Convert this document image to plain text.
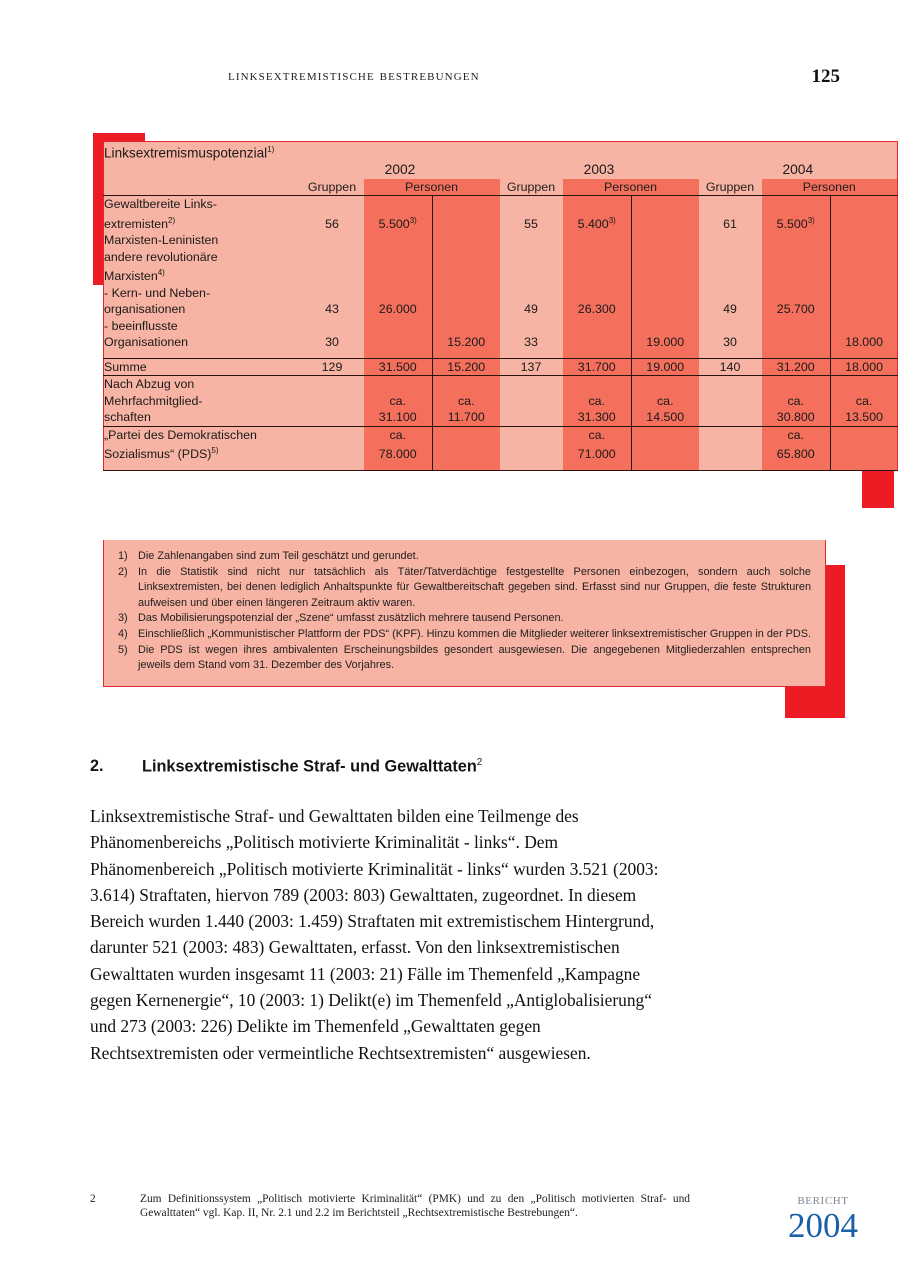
linksextremistische bestrebungen	125
Linksextremismuspotenzial$^{1)}$
	2002			2003			2004		
	Gruppen	Personen		Gruppen	Personen		Gruppen	Personen	
Gewaltbereite Links-									
extremisten$^{2)}$	56	5.500$^{3)}$		55	5.400$^{3)}$		61	5.500$^{3)}$	
Marxisten-Leninisten									
andere revolutionäre									
Marxisten$^{4)}$									
- Kern- und Neben-									
organisationen	43	26.000		49	26.300		49	25.700	
- beeinflusste									
Organisationen	30		15.200	33		19.000	30		18.000

Summe	129	31.500	15.200	137	31.700	19.000	140	31.200	18.000
Nach Abzug von									
Mehrfachmitglied-		ca.	ca.		ca.	ca.		ca.	ca.
schaften		31.100	11.700		31.300	14.500		30.800	13.500
„Partei des Demokratischen		ca.			ca.			ca.	
Sozialismus“ (PDS)$^{5)}$		78.000			71.000			65.800	

1) Die Zahlenangaben sind zum Teil geschätzt und gerundet.
2) In die Statistik sind nicht nur tatsächlich als Täter/Tatverdächtige festgestellte Personen einbezogen, sondern auch solche Linksextremisten, bei denen lediglich Anhaltspunkte für Gewaltbereitschaft gegeben sind. Erfasst sind nur Gruppen, die feste Strukturen aufweisen und über einen längeren Zeitraum aktiv waren.
3) Das Mobilisierungspotenzial der „Szene“ umfasst zusätzlich mehrere tausend Personen.
4) Einschließlich „Kommunistischer Plattform der PDS“ (KPF). Hinzu kommen die Mitglieder weiterer linksextremistischer Gruppen in der PDS.
5) Die PDS ist wegen ihres ambivalenten Erscheinungsbildes gesondert ausgewiesen. Die angegebenen Mitgliederzahlen entsprechen jeweils dem Stand vom 31. Dezember des Vorjahres.
2. Linksextremistische Straf- und Gewalttaten$^2$
Linksextremistische Straf- und Gewalttaten bilden eine Teilmenge des Phänomenbereichs „Politisch motivierte Kriminalität - links“. Dem Phänomenbereich „Politisch motivierte Kriminalität - links“ wurden 3.521 (2003: 3.614) Straftaten, hiervon 789 (2003: 803) Gewalttaten, zugeordnet. In diesem Bereich wurden 1.440 (2003: 1.459) Straftaten mit extremistischem Hintergrund, darunter 521 (2003: 483) Gewalttaten, erfasst. Von den linksextremistischen Gewalttaten wurden insgesamt 11 (2003: 21) Fälle im Themenfeld „Kampagne gegen Kernenergie“, 10 (2003: 1) Delikt(e) im Themenfeld „Antiglobalisierung“ und 273 (2003: 226) Delikte im Themenfeld „Gewalttaten gegen Rechtsextremisten oder vermeintliche Rechtsextremisten“ ausgewiesen.
2	Zum Definitionssystem „Politisch motivierte Kriminalität“ (PMK) und zu den „Politisch motivierten Straf- und Gewalttaten“ vgl. Kap. II, Nr. 2.1 und 2.2 im Berichtsteil „Rechtsextremistische Bestrebungen“.
bericht
2004
